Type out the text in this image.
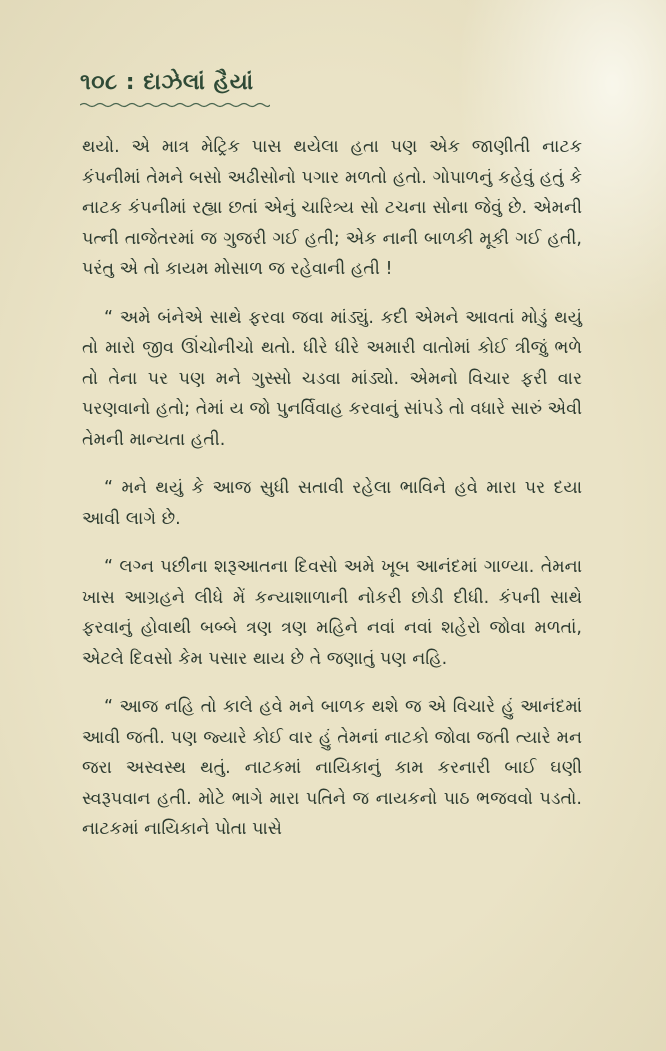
૧૦૮ : દાઝેલાં હૈયાં

થયો. એ માત્ર મેટ્રિક પાસ થયેલા હતા પણ એક જાણીતી નાટક કંપનીમાં તેમને બસો અઢીસોનો પગાર મળતો હતો. ગોપાળનું કહેવું હતું કે નાટક કંપનીમાં રહ્યા છતાં એનું ચારિત્ર્ય સો ટચના સોના જેવું છે. એમની પત્ની તાજેતરમાં જ ગુજરી ગઈ હતી; એક નાની બાળકી મૂકી ગઈ હતી, પરંતુ એ તો કાયમ મોસાળ જ રહેવાની હતી !

“ અમે બંનેએ સાથે ફરવા જવા માંડ્યું. કદી એમને આવતાં મોડું થયું તો મારો જીવ ઊંચોનીચો થતો. ધીરે ધીરે અમારી વાતોમાં કોઈ ત્રીજું ભળે તો તેના પર પણ મને ગુસ્સો ચડવા માંડ્યો. એમનો વિચાર ફરી વાર પરણવાનો હતો; તેમાં ય જો પુનર્વિવાહ કરવાનું સાંપડે તો વધારે સારું એવી તેમની માન્યતા હતી.

“ મને થયું કે આજ સુધી સતાવી રહેલા ભાવિને હવે મારા પર દયા આવી લાગે છે.

“ લગ્ન પછીના શરૂઆતના દિવસો અમે ખૂબ આનંદમાં ગાળ્યા. તેમના ખાસ આગ્રહને લીધે મેં કન્યાશાળાની નોકરી છોડી દીધી. કંપની સાથે ફરવાનું હોવાથી બબ્બે ત્રણ ત્રણ મહિને નવાં નવાં શહેરો જોવા મળતાં, એટલે દિવસો કેમ પસાર થાય છે તે જણાતું પણ નહિ.

“ આજ નહિ તો કાલે હવે મને બાળક થશે જ એ વિચારે હું આનંદમાં આવી જતી. પણ જ્યારે કોઈ વાર હું તેમનાં નાટકો જોવા જતી ત્યારે મન જરા અસ્વસ્થ થતું. નાટકમાં નાયિકાનું કામ કરનારી બાઈ ઘણી સ્વરૂપવાન હતી. મોટે ભાગે મારા પતિને જ નાયકનો પાઠ ભજવવો પડતો. નાટકમાં નાયિકાને પોતા પાસે
